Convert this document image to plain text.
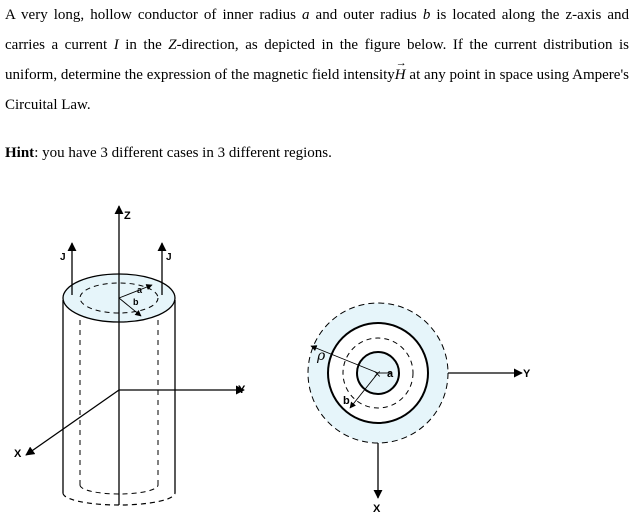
A very long, hollow conductor of inner radius a and outer radius b is located along the z-axis and carries a current I in the Z-direction, as depicted in the figure below. If the current distribution is uniform, determine the expression of the magnetic field intensity→ H at any point in space using Ampere's Circuital Law.

Hint: you have 3 different cases in 3 different regions.
a
b
Z
J	J
Y
X
×
ρ
a
b
Y
X
